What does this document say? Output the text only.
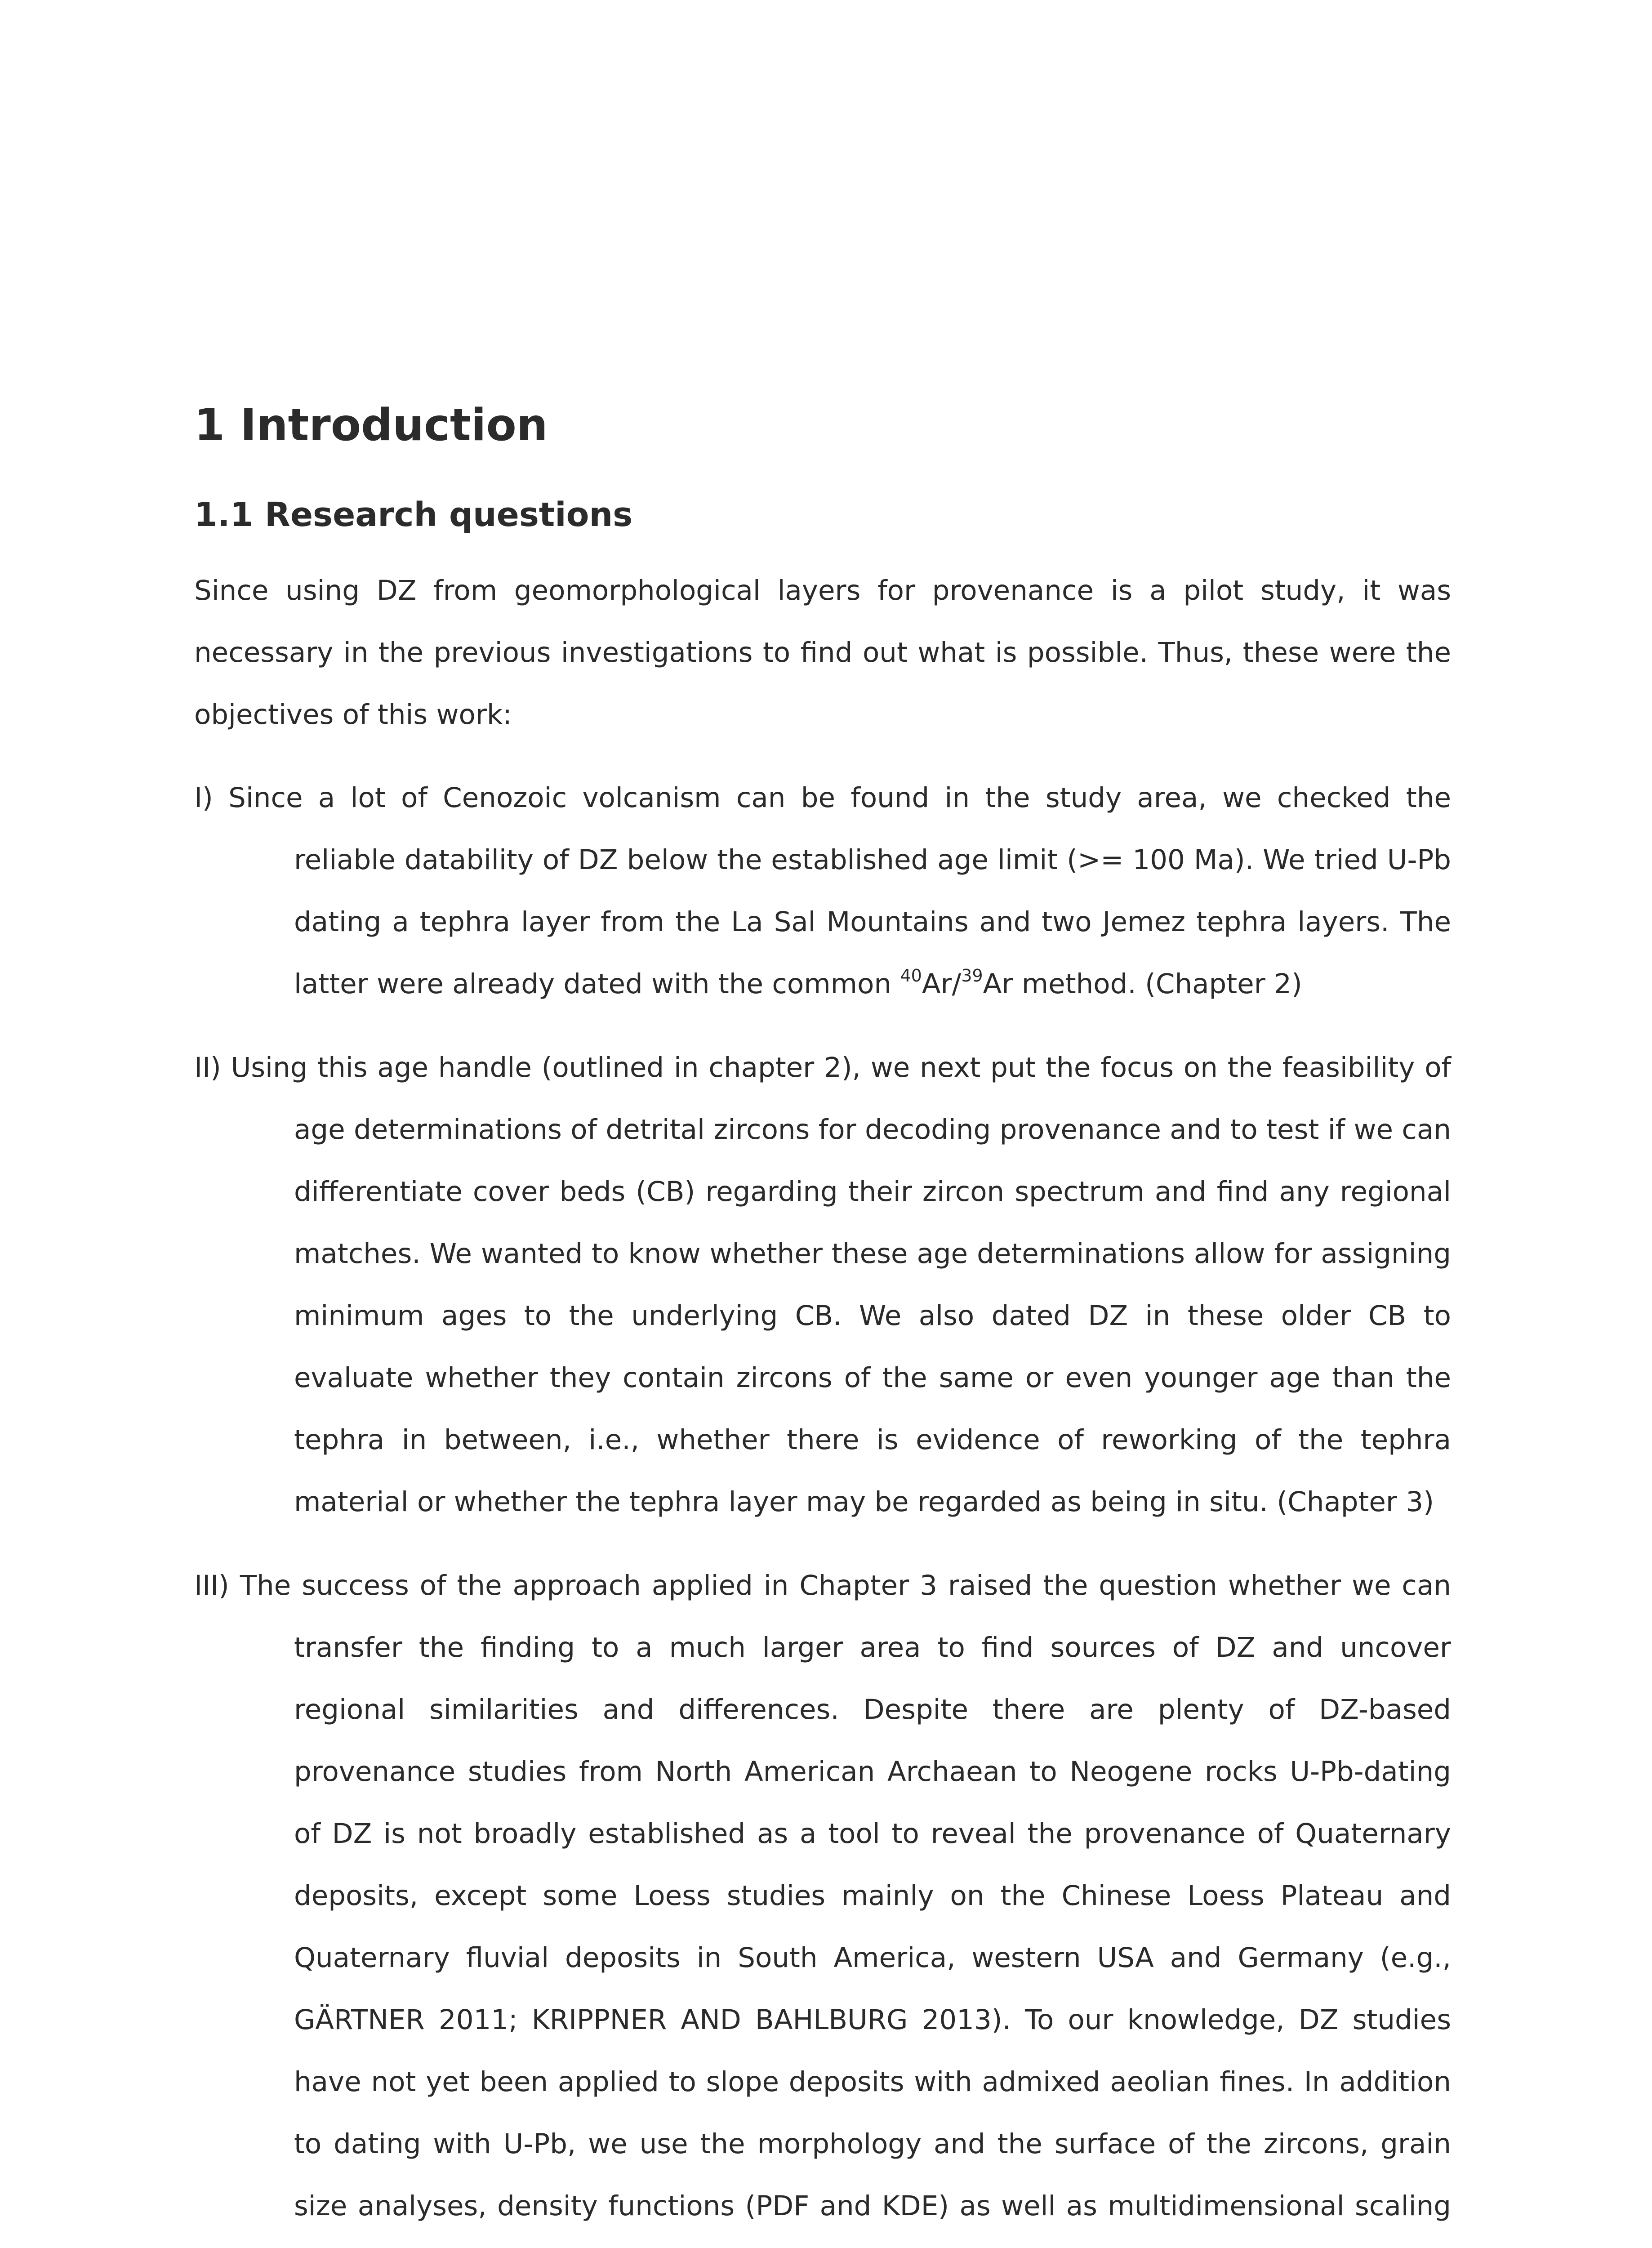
1 Introduction
1.1 Research questions

Since using DZ from geomorphological layers for provenance is a pilot study, it was necessary in the previous investigations to find out what is possible. Thus, these were the objectives of this work:

I) Since a lot of Cenozoic volcanism can be found in the study area, we checked the reliable datability of DZ below the established age limit (>= 100 Ma). We tried U-Pb dating a tephra layer from the La Sal Mountains and two Jemez tephra layers. The latter were already dated with the common $^{40}$Ar/$^{39}$Ar method. (Chapter 2)

II) Using this age handle (outlined in chapter 2), we next put the focus on the feasibility of age determinations of detrital zircons for decoding provenance and to test if we can differentiate cover beds (CB) regarding their zircon spectrum and find any regional matches. We wanted to know whether these age determinations allow for assigning minimum ages to the underlying CB. We also dated DZ in these older CB to evaluate whether they contain zircons of the same or even younger age than the tephra in between, i.e., whether there is evidence of reworking of the tephra material or whether the tephra layer may be regarded as being in situ. (Chapter 3)

III) The success of the approach applied in Chapter 3 raised the question whether we can transfer the finding to a much larger area to find sources of DZ and uncover regional similarities and differences. Despite there are plenty of DZ-based provenance studies from North American Archaean to Neogene rocks U-Pb-dating of DZ is not broadly established as a tool to reveal the provenance of Quaternary deposits, except some Loess studies mainly on the Chinese Loess Plateau and Quaternary fluvial deposits in South America, western USA and Germany (e.g., GÄRTNER 2011; KRIPPNER AND BAHLBURG 2013). To our knowledge, DZ studies have not yet been applied to slope deposits with admixed aeolian fines. In addition to dating with U-Pb, we use the morphology and the surface of the zircons, grain size analyses, density functions (PDF and KDE) as well as multidimensional scaling
